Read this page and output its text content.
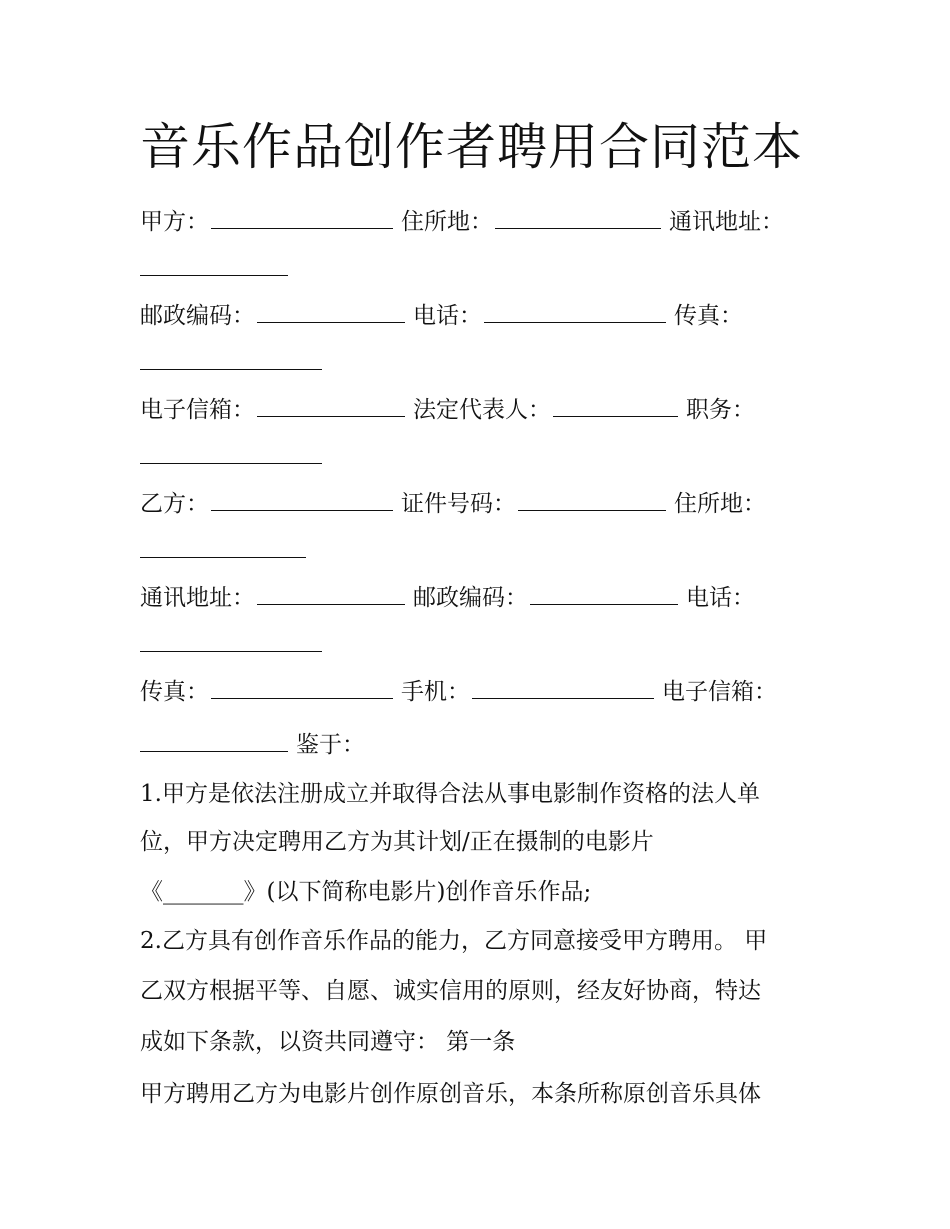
音乐作品创作者聘用合同范本
甲方：	住所地：	通讯地址：
邮政编码：	电话：	传真：
电子信箱：	法定代表人：	职务：
乙方：	证件号码：	住所地：
通讯地址：	邮政编码：	电话：
传真：	手机：	电子信箱：
鉴于：
1.甲方是依法注册成立并取得合法从事电影制作资格的法人单
位，甲方决定聘用乙方为其计划/正在摄制的电影片
《_______》(以下简称电影片)创作音乐作品;
2.乙方具有创作音乐作品的能力，乙方同意接受甲方聘用。 甲
乙双方根据平等、自愿、诚实信用的原则，经友好协商，特达
成如下条款，以资共同遵守： 第一条
甲方聘用乙方为电影片创作原创音乐，本条所称原创音乐具体
